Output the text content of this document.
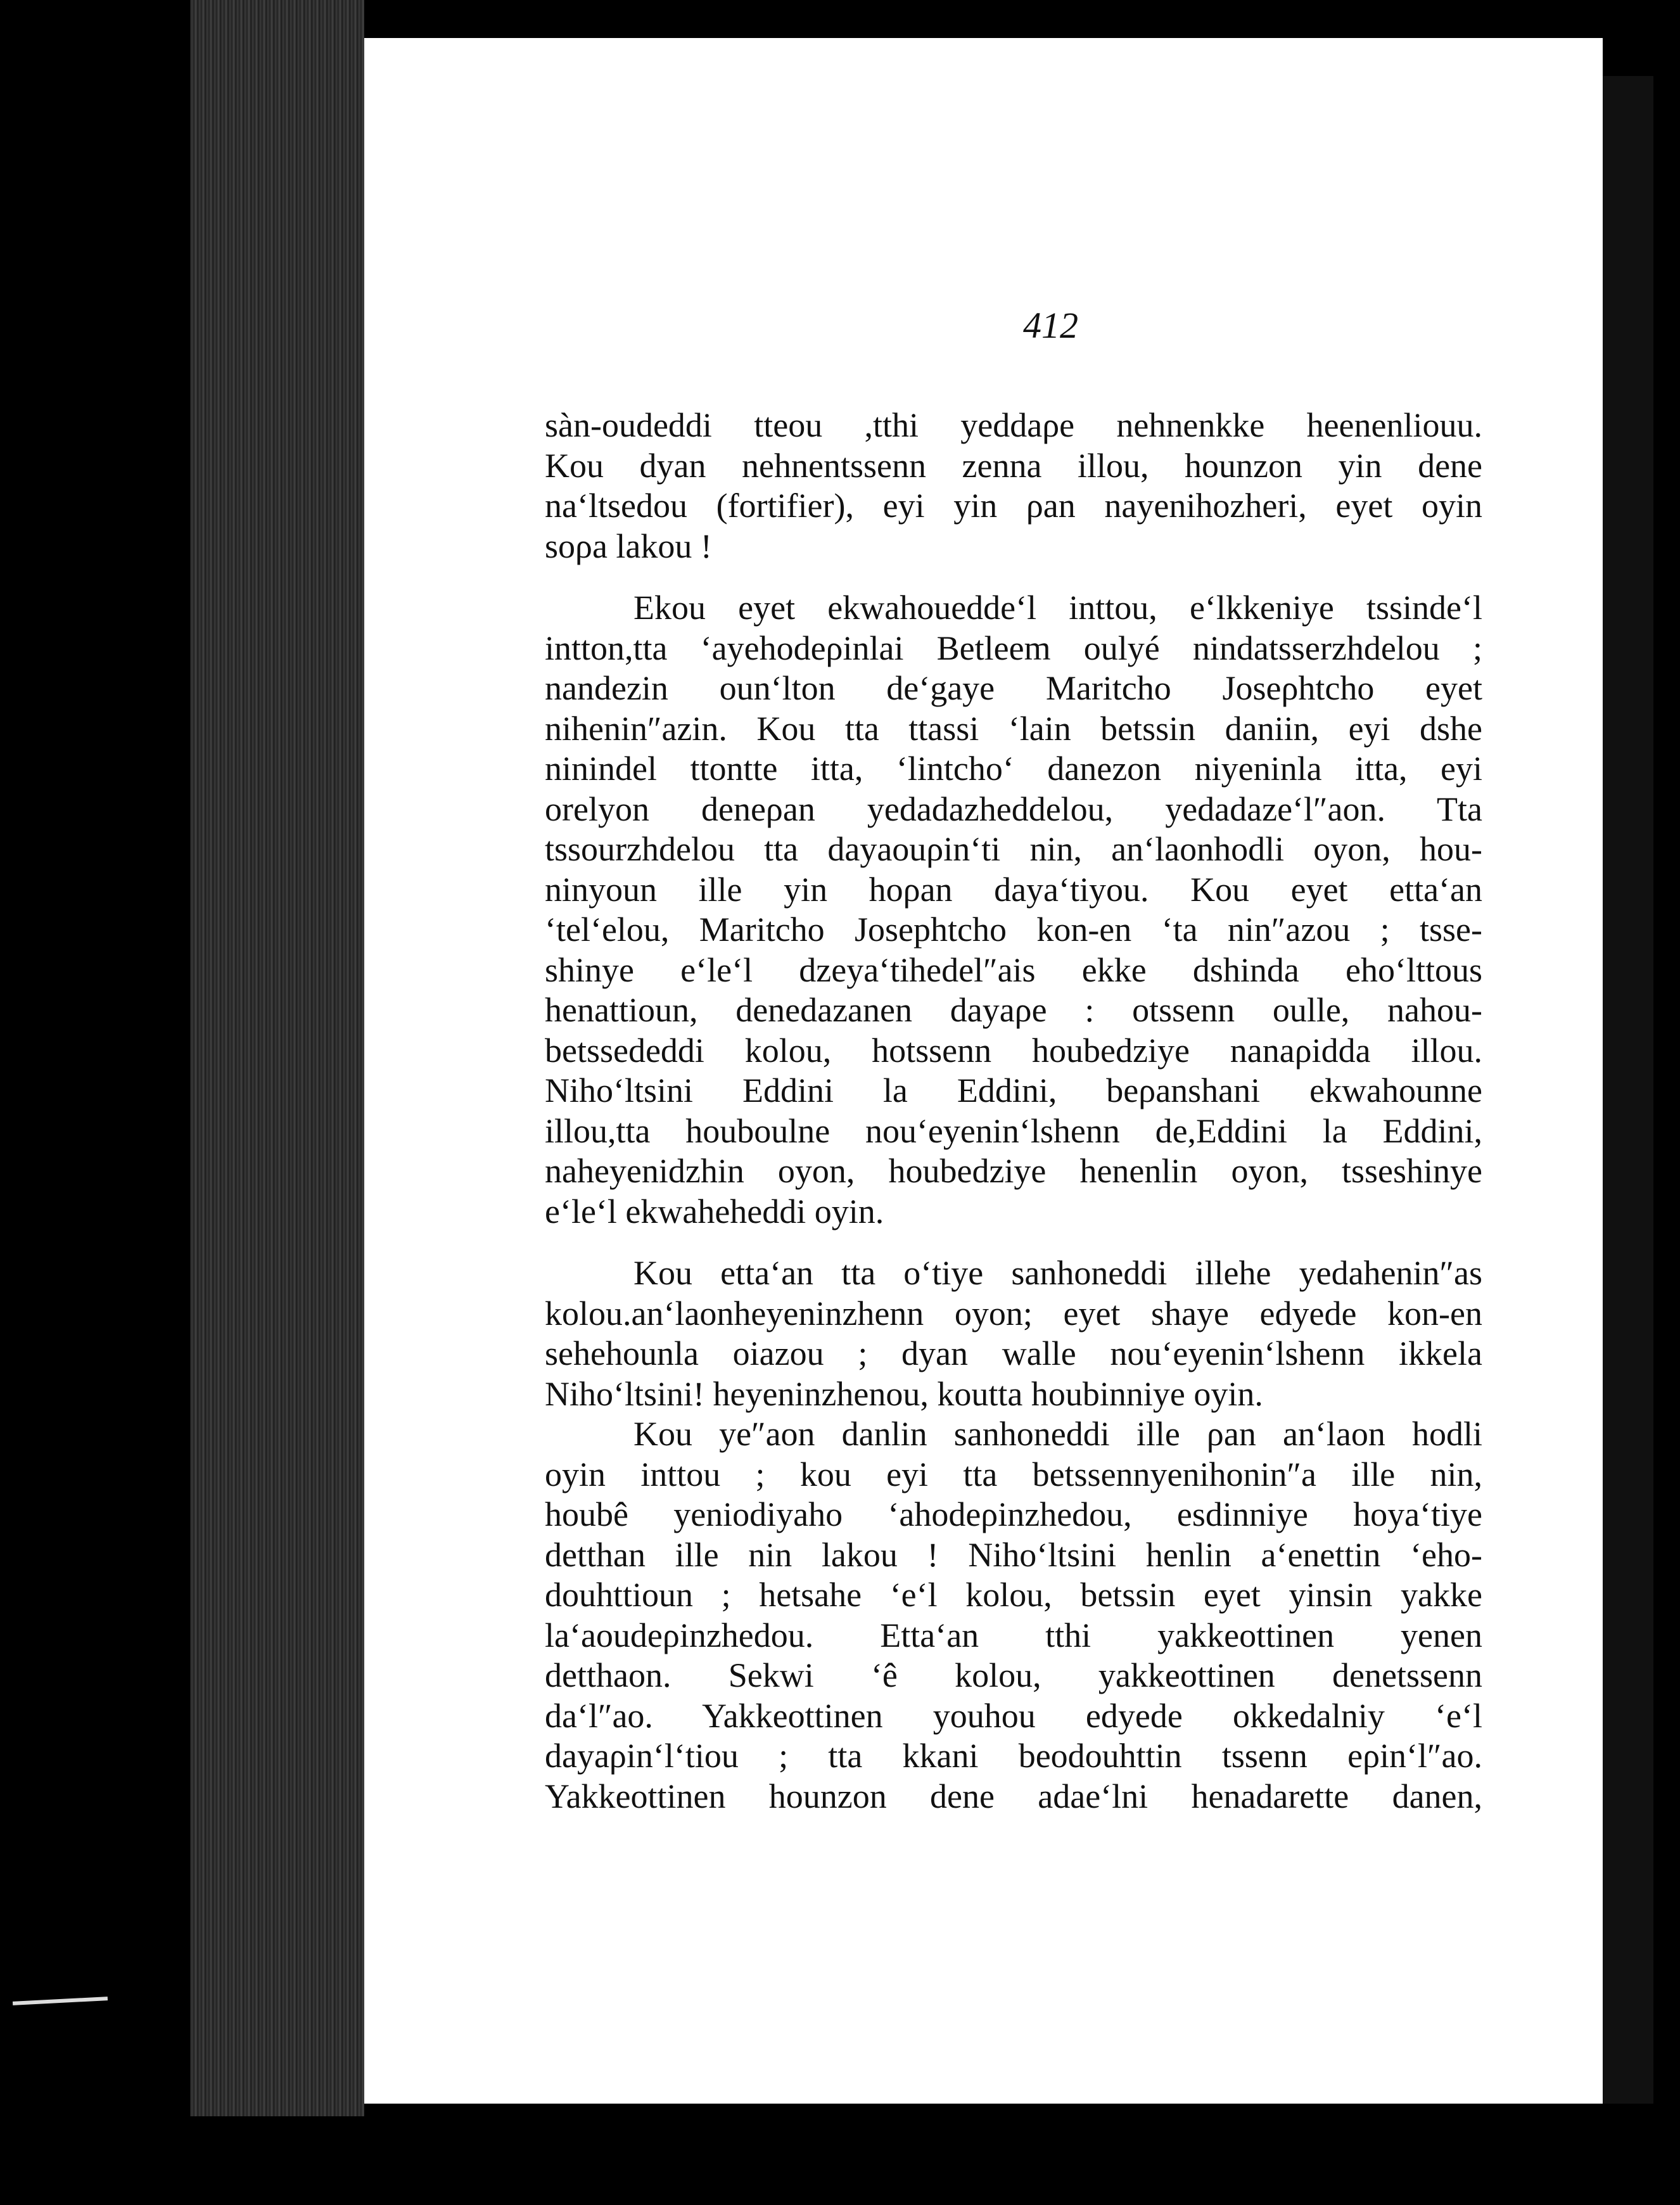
412

sàn-oudeddi tteou ,tthi yeddaρe nehnenkke heenenliouu.
Kou dyan nehnentssenn zenna illou, hounzon yin dene
na‘ltsedou (fortifier), eyi yin ρan nayenihozheri, eyet oyin
soρa lakou !

Ekou eyet ekwahouedde‘l inttou, e‘lkkeniye tssinde‘l
intton,tta ‘ayehodeρinlai Betleem oulyé nindatsserzhdelou ;
nandezin oun‘lton de‘gaye Maritcho Joseρhtcho eyet
nihenin″azin. Kou tta ttassi ‘lain betssin daniin, eyi dshe
ninindel ttontte itta, ‘lintcho‘ danezon niyeninla itta, eyi
orelyon deneρan yedadazheddelou, yedadaze‘l″aon. Tta
tssourzhdelou tta dayaouρin‘ti nin, an‘laonhodli oyon, hou-
ninyoun ille yin hoρan daya‘tiyou. Kou eyet etta‘an
‘tel‘elou, Maritcho Josephtcho kon-en ‘ta nin″azou ; tsse-
shinye e‘le‘l dzeya‘tihedel″ais ekke dshinda eho‘lttous
henattioun, denedazanen dayaρe : otssenn oulle, nahou-
betssededdi kolou, hotssenn houbedziye nanaρidda illou.
Niho‘ltsini Eddini la Eddini, beρanshani ekwahounne
illou,tta houboulne nou‘eyenin‘lshenn de,Eddini la Eddini,
naheyenidzhin oyon, houbedziye henenlin oyon, tsseshinye
e‘le‘l ekwaheheddi oyin.

Kou etta‘an tta o‘tiye sanhoneddi illehe yedahenin″as
kolou.an‘laonheyeninzhenn oyon; eyet shaye edyede kon-en
sehehounla oiazou ; dyan walle nou‘eyenin‘lshenn ikkela
Niho‘ltsini! heyeninzhenou, koutta houbinniye oyin.

Kou ye″aon danlin sanhoneddi ille ρan an‘laon hodli
oyin inttou ; kou eyi tta betssennyenihonin″a ille nin,
houbê yeniodiyaho ‘ahodeρinzhedou, esdinniye hoya‘tiye
detthan ille nin lakou ! Niho‘ltsini henlin a‘enettin ‘eho-
douhttioun ; hetsahe ‘e‘l kolou, betssin eyet yinsin yakke
la‘aoudeρinzhedou. Etta‘an tthi yakkeottinen yenen
detthaon. Sekwi ‘ê kolou, yakkeottinen denetssenn
da‘l″ao. Yakkeottinen youhou edyede okkedalniy ‘e‘l
dayaρin‘l‘tiou ; tta kkani beodouhttin tssenn eρin‘l″ao.
Yakkeottinen hounzon dene adae‘lni henadarette danen,
